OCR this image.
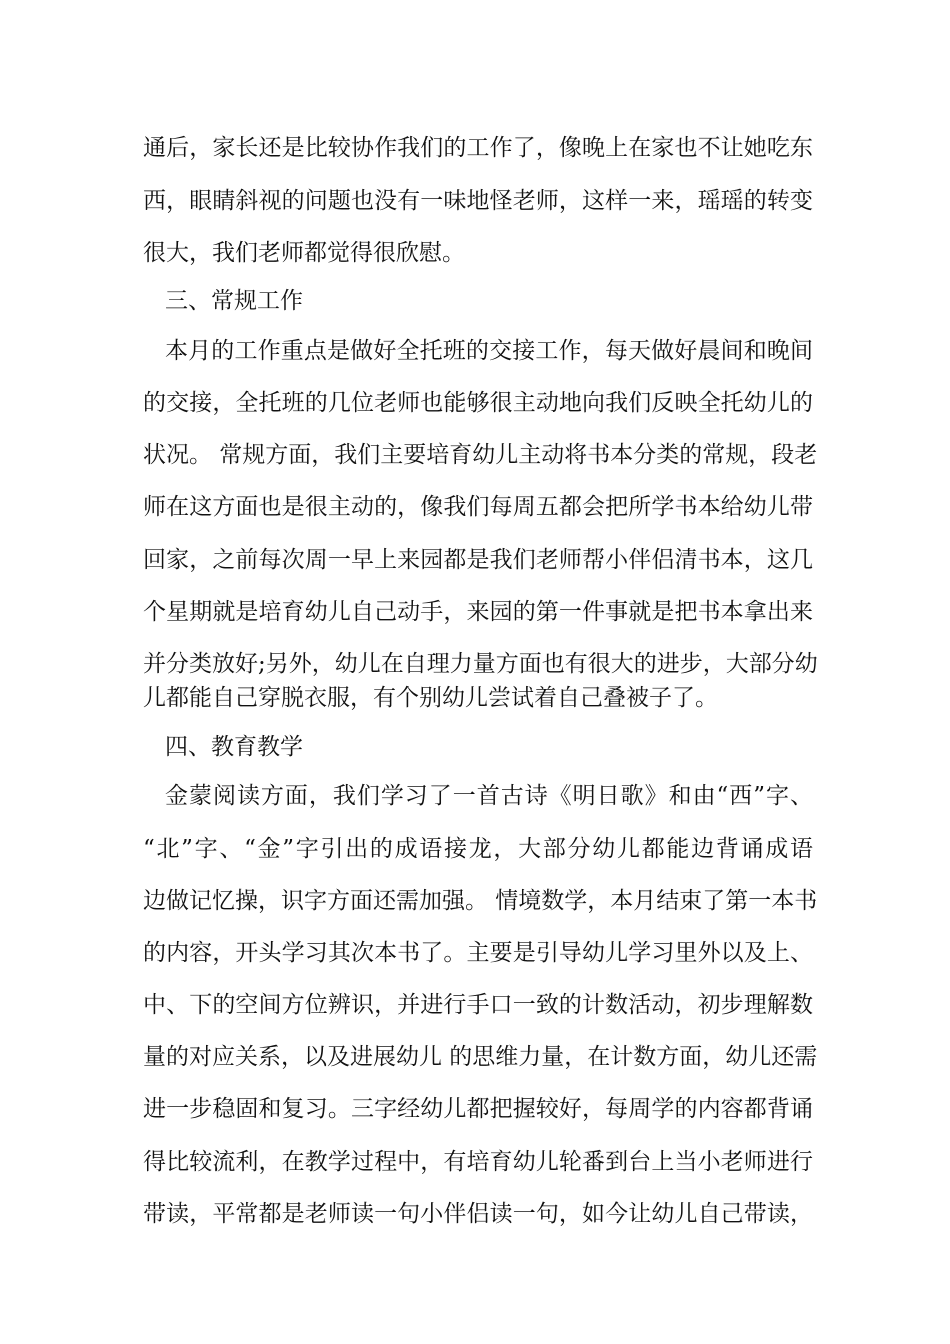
通后，家长还是比较协作我们的工作了，像晚上在家也不让她吃东
西，眼睛斜视的问题也没有一味地怪老师，这样一来，瑶瑶的转变
很大，我们老师都觉得很欣慰。
三、常规工作
本月的工作重点是做好全托班的交接工作，每天做好晨间和晚间
的交接，全托班的几位老师也能够很主动地向我们反映全托幼儿的
状况。 常规方面，我们主要培育幼儿主动将书本分类的常规，段老
师在这方面也是很主动的，像我们每周五都会把所学书本给幼儿带
回家，之前每次周一早上来园都是我们老师帮小伴侣清书本，这几
个星期就是培育幼儿自己动手，来园的第一件事就是把书本拿出来
并分类放好;另外，幼儿在自理力量方面也有很大的进步，大部分幼
儿都能自己穿脱衣服，有个别幼儿尝试着自己叠被子了。
四、教育教学
金蒙阅读方面，我们学习了一首古诗《明日歌》和由“西”字、
“北”字、“金”字引出的成语接龙，大部分幼儿都能边背诵成语
边做记忆操，识字方面还需加强。 情境数学，本月结束了第一本书
的内容，开头学习其次本书了。主要是引导幼儿学习里外以及上、
中、下的空间方位辨识，并进行手口一致的计数活动，初步理解数
量的对应关系，以及进展幼儿 的思维力量，在计数方面，幼儿还需
进一步稳固和复习。三字经幼儿都把握较好，每周学的内容都背诵
得比较流利，在教学过程中，有培育幼儿轮番到台上当小老师进行
带读，平常都是老师读一句小伴侣读一句，如今让幼儿自己带读，
